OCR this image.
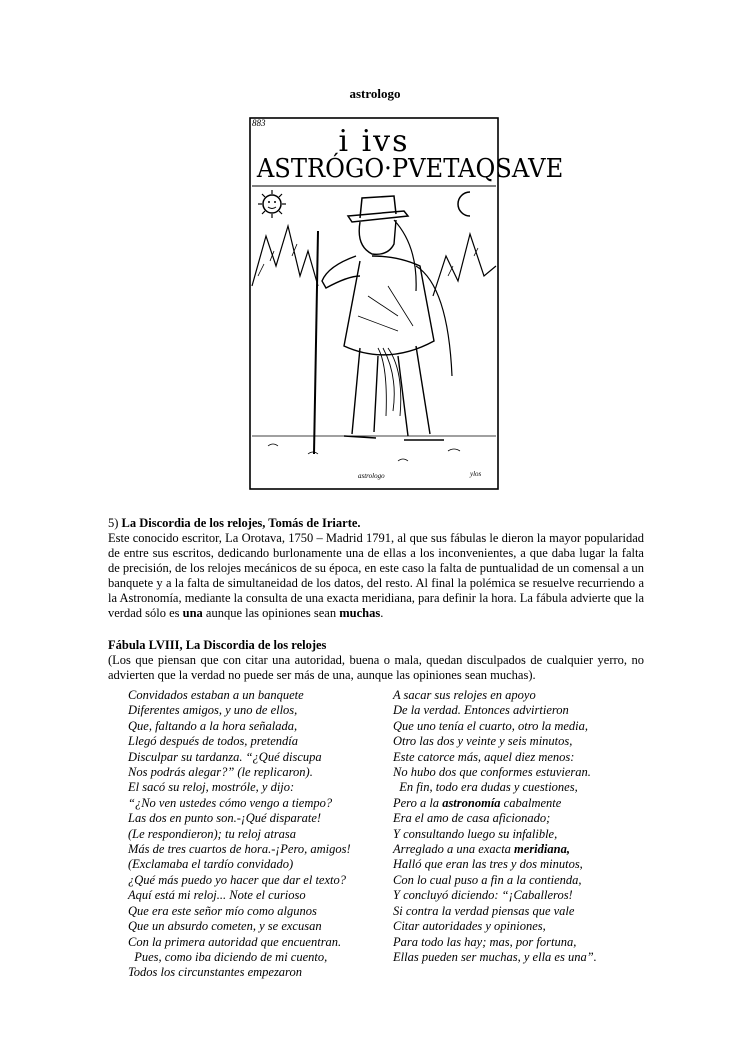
astrologo
883
i ivs
ASTRÓGO·PVETAQSAVE
astrologo	ylos

5) La Discordia de los relojes, Tomás de Iriarte.

Este conocido escritor, La Orotava, 1750 – Madrid 1791, al que sus fábulas le dieron la mayor popularidad de entre sus escritos, dedicando burlonamente una de ellas a los inconvenientes, a que daba lugar la falta de precisión, de los relojes mecánicos de su época, en este caso la falta de puntualidad de un comensal a un banquete y a la falta de simultaneidad de los datos, del resto. Al final la polémica se resuelve recurriendo a la Astronomía, mediante la consulta de una exacta meridiana, para definir la hora. La fábula advierte que la verdad sólo es una aunque las opiniones sean muchas.

Fábula LVIII, La Discordia de los relojes

(Los que piensan que con citar una autoridad, buena o mala, quedan disculpados de cualquier yerro, no advierten que la verdad no puede ser más de una, aunque las opiniones sean muchas).

Convidados estaban a un banquete
Diferentes amigos, y uno de ellos,
Que, faltando a la hora señalada,
Llegó después de todos, pretendía
Disculpar su tardanza. “¿Qué discupa
Nos podrás alegar?” (le replicaron).
El sacó su reloj, mostróle, y dijo:
“¿No ven ustedes cómo vengo a tiempo?
Las dos en punto son.-¡Qué disparate!
(Le respondieron); tu reloj atrasa
Más de tres cuartos de hora.-¡Pero, amigos!
(Exclamaba el tardío convidado)
¿Qué más puedo yo hacer que dar el texto?
Aquí está mi reloj... Note el curioso
Que era este señor mío como algunos
Que un absurdo cometen, y se excusan
Con la primera autoridad que encuentran.
Pues, como iba diciendo de mi cuento,
Todos los circunstantes empezaron
A sacar sus relojes en apoyo
De la verdad. Entonces advirtieron
Que uno tenía el cuarto, otro la media,
Otro las dos y veinte y seis minutos,
Este catorce más, aquel diez menos:
No hubo dos que conformes estuvieran.
En fin, todo era dudas y cuestiones,
Pero a la astronomía cabalmente
Era el amo de casa aficionado;
Y consultando luego su infalible,
Arreglado a una exacta meridiana,
Halló que eran las tres y dos minutos,
Con lo cual puso a fin a la contienda,
Y concluyó diciendo: “¡Caballeros!
Si contra la verdad piensas que vale
Citar autoridades y opiniones,
Para todo las hay; mas, por fortuna,
Ellas pueden ser muchas, y ella es una”.
